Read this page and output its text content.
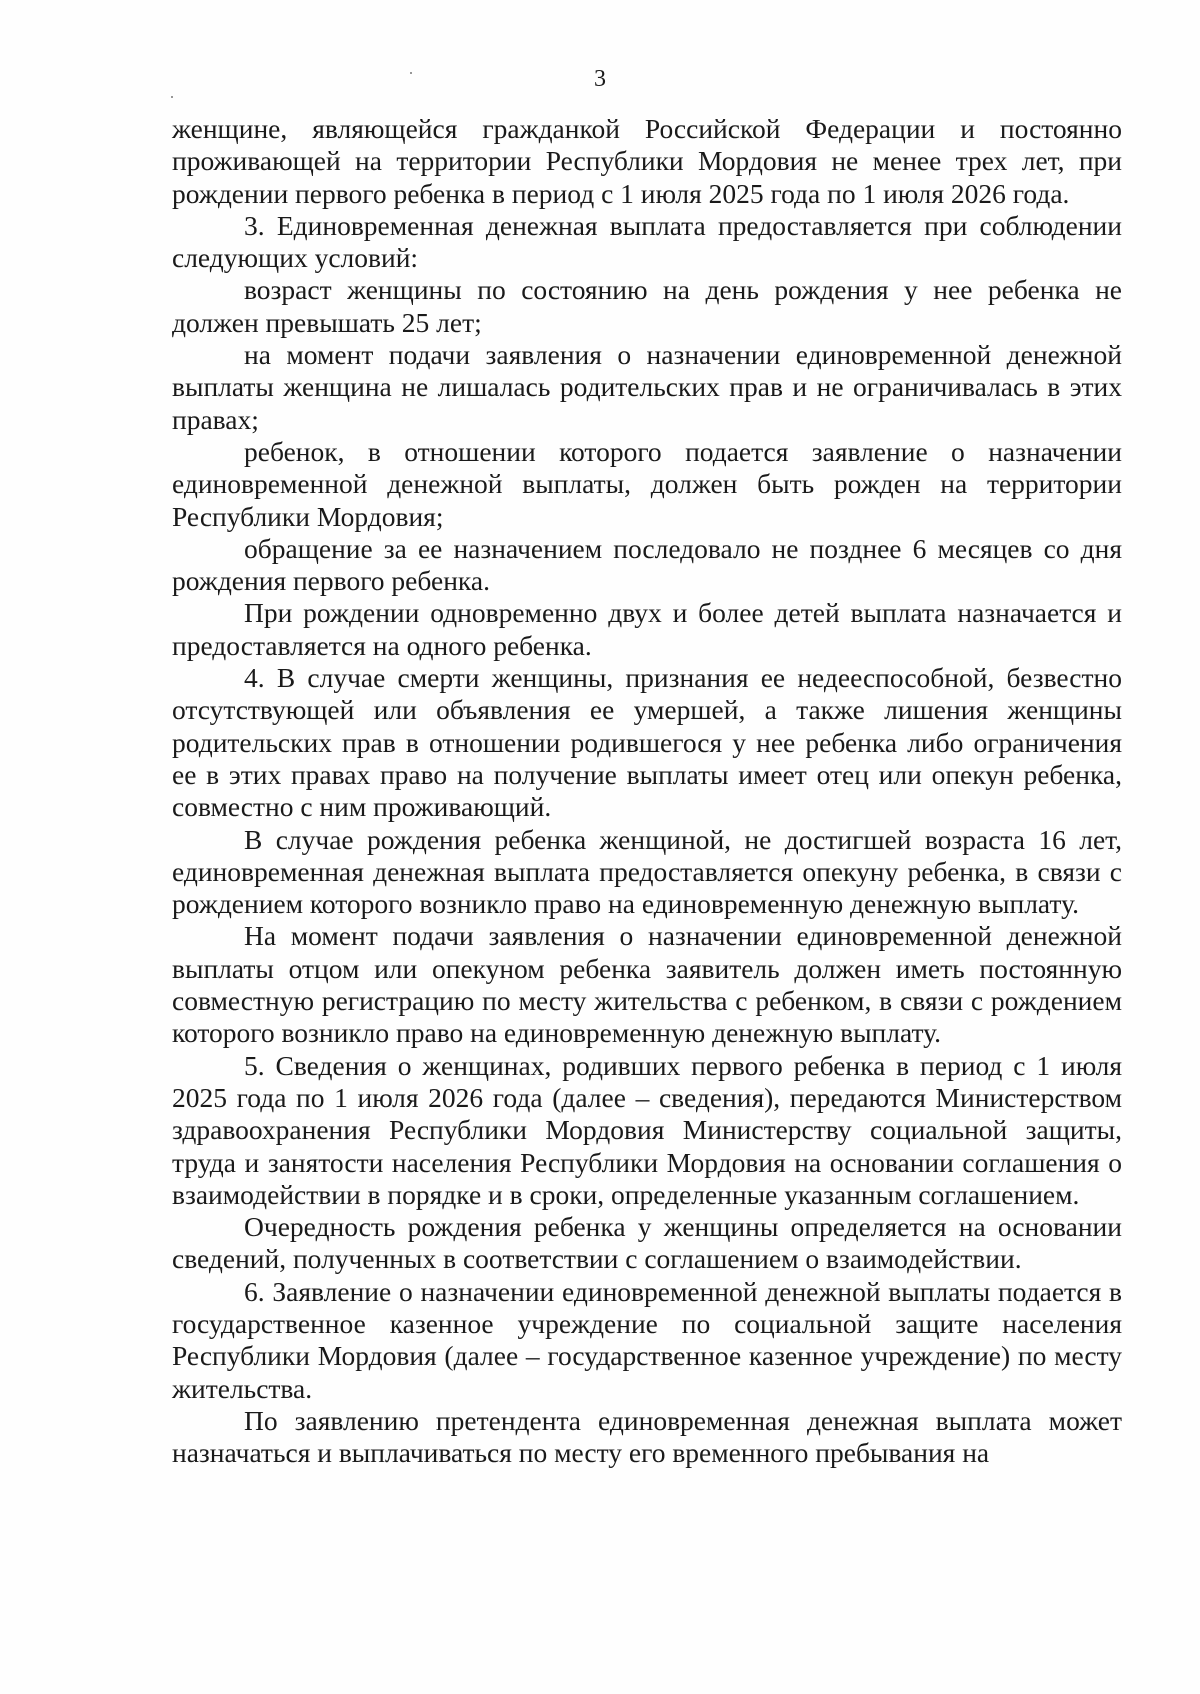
3

женщине, являющейся гражданкой Российской Федерации и постоянно проживающей на территории Республики Мордовия не менее трех лет, при рождении первого ребенка в период с 1 июля 2025 года по 1 июля 2026 года.

3. Единовременная денежная выплата предоставляется при соблюдении следующих условий:

возраст женщины по состоянию на день рождения у нее ребенка не должен превышать 25 лет;

на момент подачи заявления о назначении единовременной денежной выплаты женщина не лишалась родительских прав и не ограничивалась в этих правах;

ребенок, в отношении которого подается заявление о назначении единовременной денежной выплаты, должен быть рожден на территории Республики Мордовия;

обращение за ее назначением последовало не позднее 6 месяцев со дня рождения первого ребенка.

При рождении одновременно двух и более детей выплата назначается и предоставляется на одного ребенка.

4. В случае смерти женщины, признания ее недееспособной, безвестно отсутствующей или объявления ее умершей, а также лишения женщины родительских прав в отношении родившегося у нее ребенка либо ограничения ее в этих правах право на получение выплаты имеет отец или опекун ребенка, совместно с ним проживающий.

В случае рождения ребенка женщиной, не достигшей возраста 16 лет, единовременная денежная выплата предоставляется опекуну ребенка, в связи с рождением которого возникло право на единовременную денежную выплату.

На момент подачи заявления о назначении единовременной денежной выплаты отцом или опекуном ребенка заявитель должен иметь постоянную совместную регистрацию по месту жительства с ребенком, в связи с рождением которого возникло право на единовременную денежную выплату.

5. Сведения о женщинах, родивших первого ребенка в период с 1 июля 2025 года по 1 июля 2026 года (далее – сведения), передаются Министерством здравоохранения Республики Мордовия Министерству социальной защиты, труда и занятости населения Республики Мордовия на основании соглашения о взаимодействии в порядке и в сроки, определенные указанным соглашением.

Очередность рождения ребенка у женщины определяется на основании сведений, полученных в соответствии с соглашением о взаимодействии.

6. Заявление о назначении единовременной денежной выплаты подается в государственное казенное учреждение по социальной защите населения Республики Мордовия (далее – государственное казенное учреждение) по месту жительства.

По заявлению претендента единовременная денежная выплата может назначаться и выплачиваться по месту его временного пребывания на
